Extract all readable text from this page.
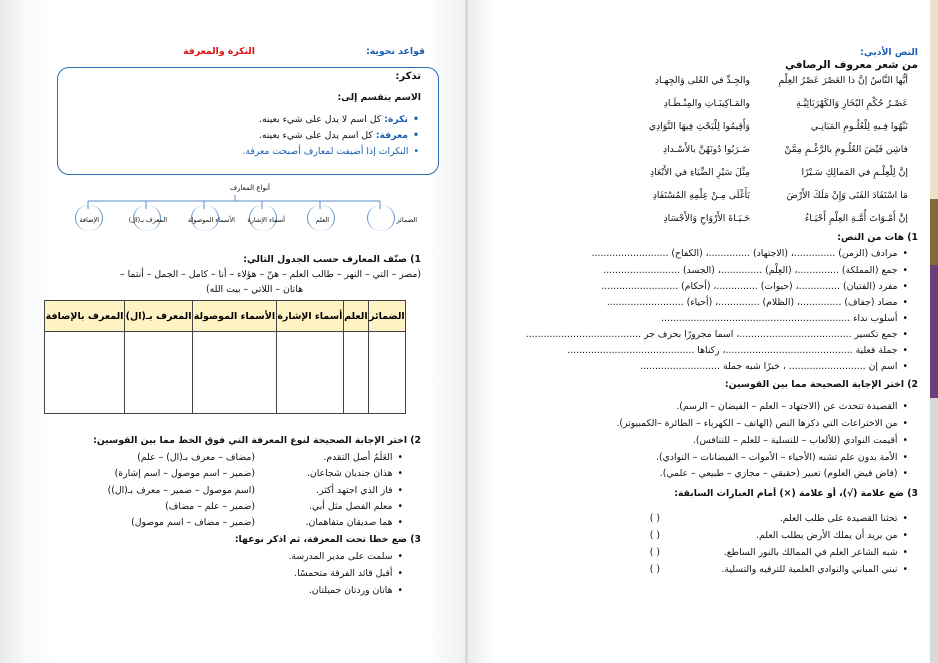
قواعد نحوية:
النكرة والمعرفة
تذكر:
الاسم ينقسم إلى:
• نكرة: كل اسم لا يدل على شيء بعينه.
• معرفة: كل اسم يدل على شيء بعينه.
• النكرات إذا أضيفت لمعارف أصبحت معرفة.
أنواع المعارف
الضمائر
العلم
أسماء الإشارة
الأسماء الموصولة
المعرف بـ(ال)
الإضافة
1) صنّف المعارف حسب الجدول التالي:
(مصر – التي – النهر – طالب العلم – هنّ – هؤلاء – أنا – كامل – الجمل – أنتما –
هاتان – اللاتي – بيت الله)
الضمائر	العلم	أسماء الإشارة	الأسماء الموصولة	المعرف بـ(ال)	المعرف بالإضافة

2) اختر الإجابة الصحيحة لنوع المعرفة التي فوق الخط مما بين القوسين:
• العَلَمُ أصل التقدم.
(مضاف – معرف بـ(ال) – علم)
• هذان جنديان شجاعان.
(ضمير – اسم موصول – اسم إشارة)
• فاز الذي اجتهد أكثر.
(اسم موصول – ضمير – معرف بـ(ال))
• معلم الفصل مثل أبي.
(ضمير – علم – مضاف)
• هما صديقان متفاهمان.
(ضمير – مضاف – اسم موصول)
3) ضع خطا تحت المعرفة، ثم اذكر نوعها:
• سلمت على مدير المدرسة.
• أقبل قائد الفرقة متحمسًا.
• هاتان وردتان جميلتان.
النص الأدبي:
من شعر معروف الرصافي
أيُّها النَّاسُ إنَّ ذا العَصْرَ عَصْرُ العِلْمِ
والجِـدِّ في العُلى وَالجِهـادِ
عَصْـرُ حُكْمِ البُخَارِ وَالكَهْرَبَائِيَّـةِ
والمَـاكِينَـاتِ والمِنْـطَـادِ
نَبِّهُوا فِـيهِ لِلْعُلُـومِ المَبَانِـي
وَأَقِيمُوا لِلْبَحْثِ فِيهَا النَّوَادِي
فاشِن فَيْضَ العُلُـومِ بالرَّغْـمِ مِمَّنْ
ضَـرَبُوا دُونَهُنَّ بالأَسْـدادِ
إنَّ لِلْعِلْـمِ في المَمالِكِ سَـيْرًا
مِثْلَ سَيْرِ الضِّيَاءِ في الأَبْعَادِ
مَا اسْتَفَادَ الفَتَى وَإِنْ مَلَكَ الأَرْضَ
بَأَغْلَى مِـنْ عِلْمِهِ المُسْتَفَادِ
إنَّ أَمْـوَاتَ أُمَّـةِ العِلْمِ أَحْيَـاءُ
حَـيَـاةَ الأَرْوَاحِ وَالأَجْسَادِ
1) هات من النص:
• مرادف (الزمن) ..............، (الاجتهاد) ..............، (الكفاح) ..........................
• جمع (المملكة) ..............، (العِلْم) ..............، (الجسد) ..........................
• مفرد (الفتيان) ..............، (حيوات) ..............، (أحكام) ..........................
• مضاد (جفاف) ..............، (الظلام) ..............، (أحياء) ..........................
• أسلوب نداء ................................................................
• جمع تكسير ......................................، اسما مجرورًا بحرف جر .......................................
• جملة فعلية ...........................................، ركناها ...........................................
• اسم إن .......................... ، خبرًا شبه جملة ...........................
2) اختر الإجابة الصحيحة مما بين القوسين:
• القصيدة تتحدث عن (الاجتهاد – العلم – الفيضان – الرسم).
• من الاختراعات التي ذكرها النص (الهاتف – الكهرباء – الطائرة –الكمبيوتر).
• أقيمت النوادي (للألعاب – للتسلية – للعلم – للتنافس).
• الأمة بدون علم تشبه (الأحياء – الأموات – الفيضانات – النوادي).
• (فاض فيض العلوم) تعبير (حقيقي – مجازي – طبيعي – علمي).
3) ضع علامة (√)، أو علامة (×) أمام العبارات السابقة:
• تحثنا القصيدة على طلب العلم.
( )
• من يريد أن يملك الأرض يطلب العلم.
( )
• شبه الشاعر العلم في الممالك بالنور الساطع.
( )
• نبني المباني والنوادي العلمية للترفيه والتسلية.
( )
